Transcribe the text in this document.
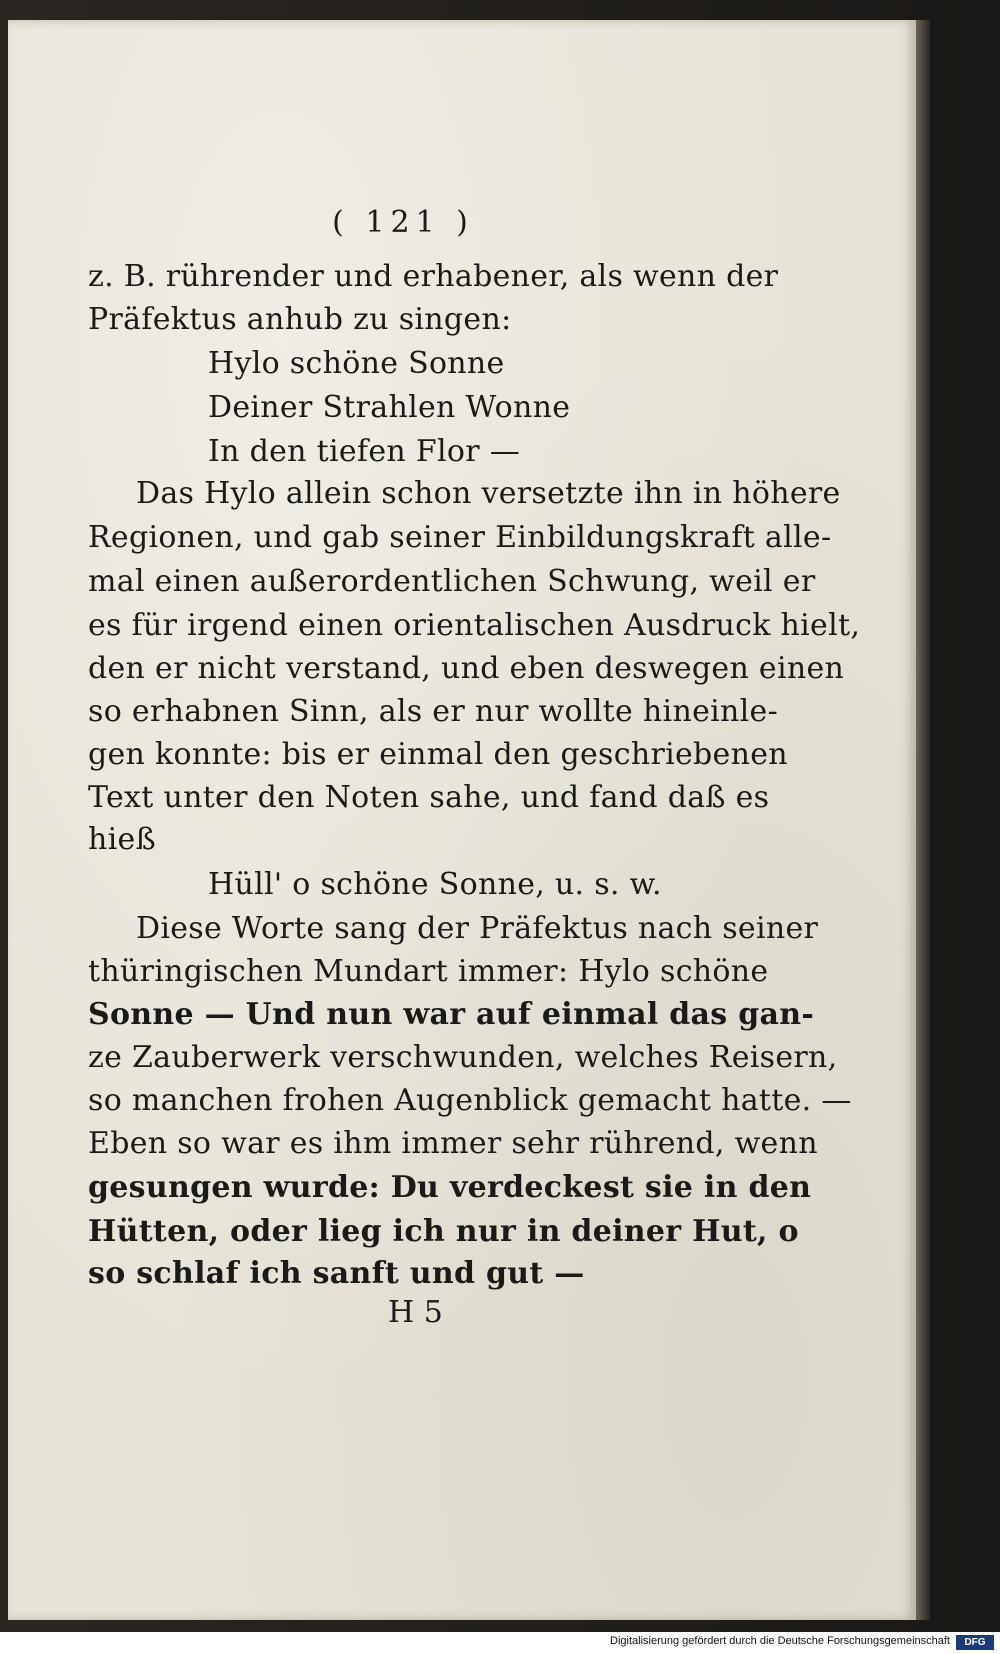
( 121 )
z. B. rührender und erhabener, als wenn der
Präfektus anhub zu singen:
Hylo schöne Sonne
Deiner Strahlen Wonne
In den tiefen Flor —
Das Hylo allein schon versetzte ihn in höhere
Regionen, und gab seiner Einbildungskraft alle-
mal einen außerordentlichen Schwung, weil er
es für irgend einen orientalischen Ausdruck hielt,
den er nicht verstand, und eben deswegen einen
so erhabnen Sinn, als er nur wollte hineinle-
gen konnte: bis er einmal den geschriebenen
Text unter den Noten sahe, und fand daß es
hieß
Hüll' o schöne Sonne, u. s. w.
Diese Worte sang der Präfektus nach seiner
thüringischen Mundart immer: Hylo schöne
Sonne — Und nun war auf einmal das gan-
ze Zauberwerk verschwunden, welches Reisern,
so manchen frohen Augenblick gemacht hatte. —
Eben so war es ihm immer sehr rührend, wenn
gesungen wurde: Du verdeckest sie in den
Hütten, oder lieg ich nur in deiner Hut, o
so schlaf ich sanft und gut —
H 5
Digitalisierung gefördert durch die Deutsche Forschungsgemeinschaft	DFG
